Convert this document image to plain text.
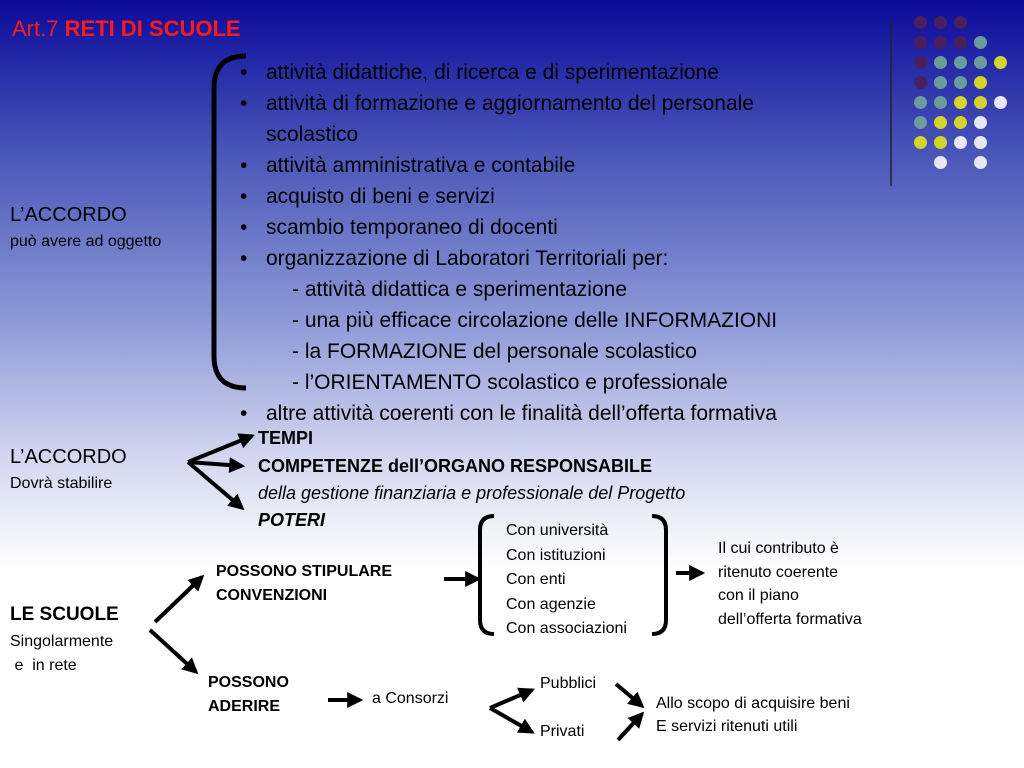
Art.7 RETI DI SCUOLE
L’ACCORDO
può avere ad oggetto
• attività didattiche, di ricerca e di sperimentazione
• attività di formazione e aggiornamento del personale
scolastico
• attività amministrativa e contabile
• acquisto di beni e servizi
• scambio temporaneo di docenti
• organizzazione di Laboratori Territoriali per:
- attività didattica e sperimentazione
- una più efficace circolazione delle INFORMAZIONI
- la FORMAZIONE del personale scolastico
- l’ORIENTAMENTO scolastico e professionale
• altre attività coerenti con le finalità dell’offerta formativa
L’ACCORDO
Dovrà stabilire
TEMPI
COMPETENZE dell’ORGANO RESPONSABILE
della gestione finanziaria e professionale del Progetto
POTERI
LE SCUOLE
Singolarmente
e  in rete
POSSONO STIPULARE
CONVENZIONI
Con università
Con istituzioni
Con enti
Con agenzie
Con associazioni
Il cui contributo è
ritenuto coerente
con il piano
dell’offerta formativa
POSSONO
ADERIRE	a Consorzi
Pubblici
Privati
Allo scopo di acquisire beni
E servizi ritenuti utili
